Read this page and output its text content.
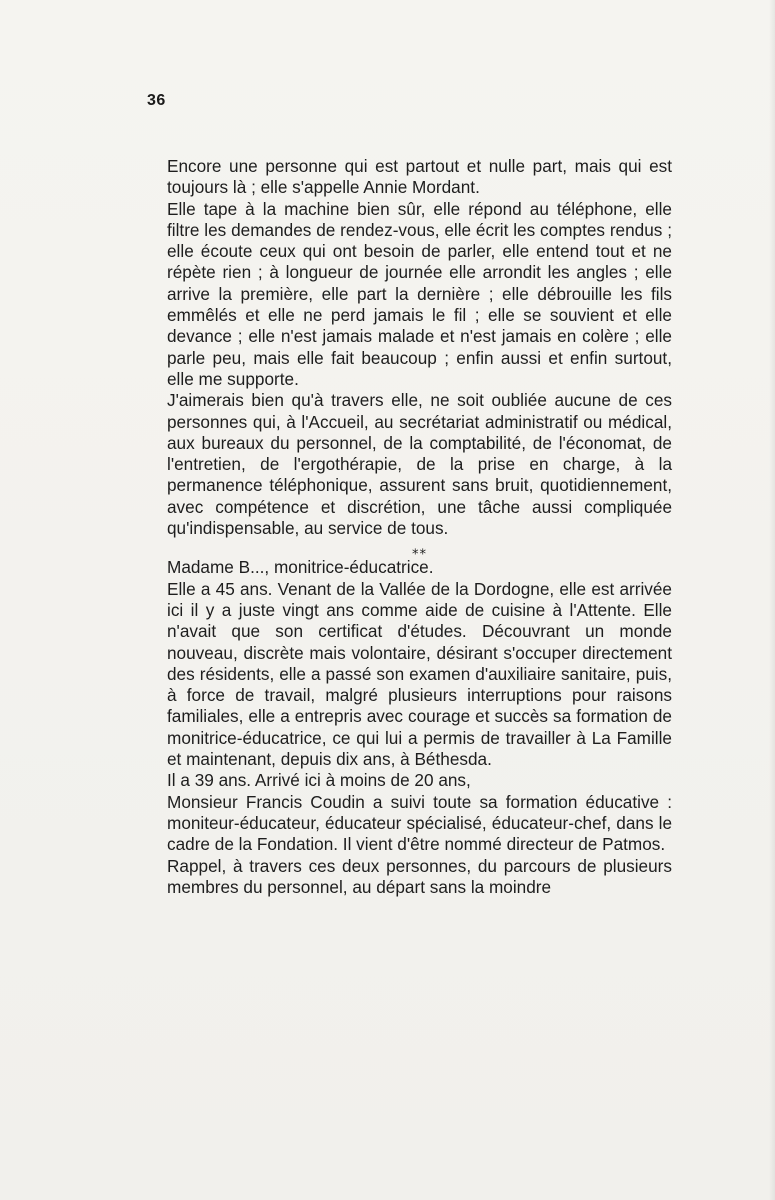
36

Encore une personne qui est partout et nulle part, mais qui est toujours là ; elle s'appelle Annie Mordant.

Elle tape à la machine bien sûr, elle répond au téléphone, elle filtre les demandes de rendez-vous, elle écrit les comptes rendus ; elle écoute ceux qui ont besoin de parler, elle entend tout et ne répète rien ; à longueur de journée elle arrondit les angles ; elle arrive la première, elle part la dernière ; elle débrouille les fils emmêlés et elle ne perd jamais le fil ; elle se souvient et elle devance ; elle n'est jamais malade et n'est jamais en colère ; elle parle peu, mais elle fait beaucoup ; enfin aussi et enfin surtout, elle me supporte.

J'aimerais bien qu'à travers elle, ne soit oubliée aucune de ces personnes qui, à l'Accueil, au secrétariat administratif ou médical, aux bureaux du personnel, de la comptabilité, de l'économat, de l'entretien, de l'ergothérapie, de la prise en charge, à la permanence téléphonique, assurent sans bruit, quotidiennement, avec compétence et discrétion, une tâche aussi compliquée qu'indispensable, au service de tous.

⁎⁎

Madame B..., monitrice-éducatrice.

Elle a 45 ans. Venant de la Vallée de la Dordogne, elle est arrivée ici il y a juste vingt ans comme aide de cuisine à l'Attente. Elle n'avait que son certificat d'études. Découvrant un monde nouveau, discrète mais volontaire, désirant s'occuper directement des résidents, elle a passé son examen d'auxiliaire sanitaire, puis, à force de travail, malgré plusieurs interruptions pour raisons familiales, elle a entrepris avec courage et succès sa formation de monitrice-éducatrice, ce qui lui a permis de travailler à La Famille et maintenant, depuis dix ans, à Béthesda.

Il a 39 ans. Arrivé ici à moins de 20 ans,

Monsieur Francis Coudin a suivi toute sa formation éducative : moniteur-éducateur, éducateur spécialisé, éducateur-chef, dans le cadre de la Fondation. Il vient d'être nommé directeur de Patmos.

Rappel, à travers ces deux personnes, du parcours de plusieurs membres du personnel, au départ sans la moindre
